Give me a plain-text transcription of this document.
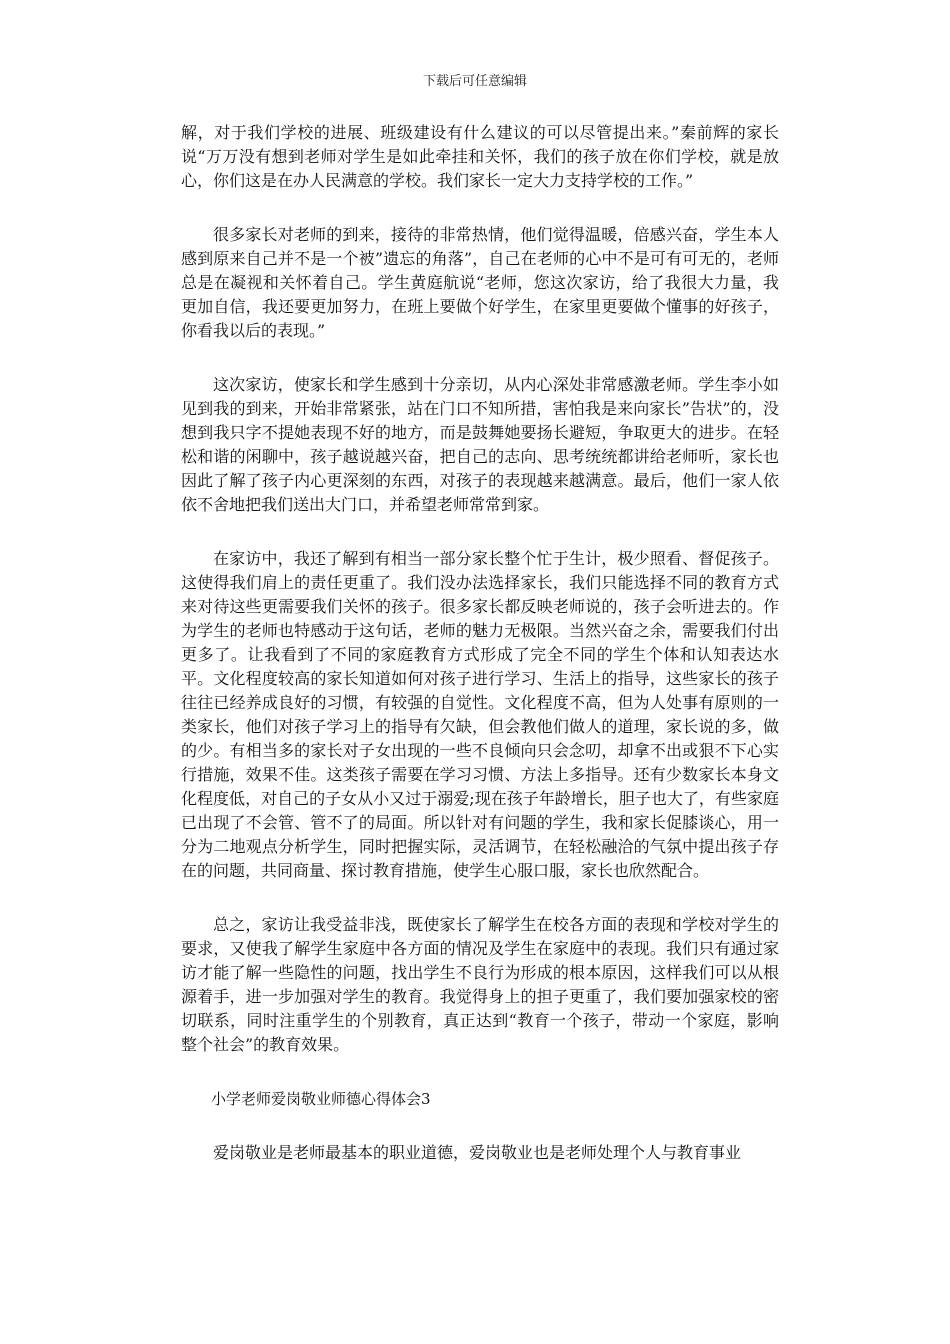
下载后可任意编辑

解，对于我们学校的进展、班级建设有什么建议的可以尽管提出来。”秦前辉的家长说“万万没有想到老师对学生是如此牵挂和关怀，我们的孩子放在你们学校，就是放心，你们这是在办人民满意的学校。我们家长一定大力支持学校的工作。”

很多家长对老师的到来，接待的非常热情，他们觉得温暖，倍感兴奋，学生本人感到原来自己并不是一个被”遗忘的角落”，自己在老师的心中不是可有可无的，老师总是在凝视和关怀着自己。学生黄庭航说“老师，您这次家访，给了我很大力量，我更加自信，我还要更加努力，在班上要做个好学生，在家里更要做个懂事的好孩子，你看我以后的表现。”

这次家访，使家长和学生感到十分亲切，从内心深处非常感激老师。学生李小如见到我的到来，开始非常紧张，站在门口不知所措，害怕我是来向家长”告状”的，没想到我只字不提她表现不好的地方，而是鼓舞她要扬长避短，争取更大的进步。在轻松和谐的闲聊中，孩子越说越兴奋，把自己的志向、思考统统都讲给老师听，家长也因此了解了孩子内心更深刻的东西，对孩子的表现越来越满意。最后，他们一家人依依不舍地把我们送出大门口，并希望老师常常到家。

在家访中，我还了解到有相当一部分家长整个忙于生计，极少照看、督促孩子。这使得我们肩上的责任更重了。我们没办法选择家长，我们只能选择不同的教育方式来对待这些更需要我们关怀的孩子。很多家长都反映老师说的，孩子会听进去的。作为学生的老师也特感动于这句话，老师的魅力无极限。当然兴奋之余，需要我们付出更多了。让我看到了不同的家庭教育方式形成了完全不同的学生个体和认知表达水平。文化程度较高的家长知道如何对孩子进行学习、生活上的指导，这些家长的孩子往往已经养成良好的习惯，有较强的自觉性。文化程度不高，但为人处事有原则的一类家长，他们对孩子学习上的指导有欠缺，但会教他们做人的道理，家长说的多，做的少。有相当多的家长对子女出现的一些不良倾向只会念叨，却拿不出或狠不下心实行措施，效果不佳。这类孩子需要在学习习惯、方法上多指导。还有少数家长本身文化程度低，对自己的子女从小又过于溺爱;现在孩子年龄增长，胆子也大了，有些家庭已出现了不会管、管不了的局面。所以针对有问题的学生，我和家长促膝谈心，用一分为二地观点分析学生，同时把握实际，灵活调节，在轻松融洽的气氛中提出孩子存在的问题，共同商量、探讨教育措施，使学生心服口服，家长也欣然配合。

总之，家访让我受益非浅，既使家长了解学生在校各方面的表现和学校对学生的要求，又使我了解学生家庭中各方面的情况及学生在家庭中的表现。我们只有通过家访才能了解一些隐性的问题，找出学生不良行为形成的根本原因，这样我们可以从根源着手，进一步加强对学生的教育。我觉得身上的担子更重了，我们要加强家校的密切联系，同时注重学生的个别教育，真正达到“教育一个孩子，带动一个家庭，影响整个社会”的教育效果。

小学老师爱岗敬业师德心得体会3

爱岗敬业是老师最基本的职业道德，爱岗敬业也是老师处理个人与教育事业
